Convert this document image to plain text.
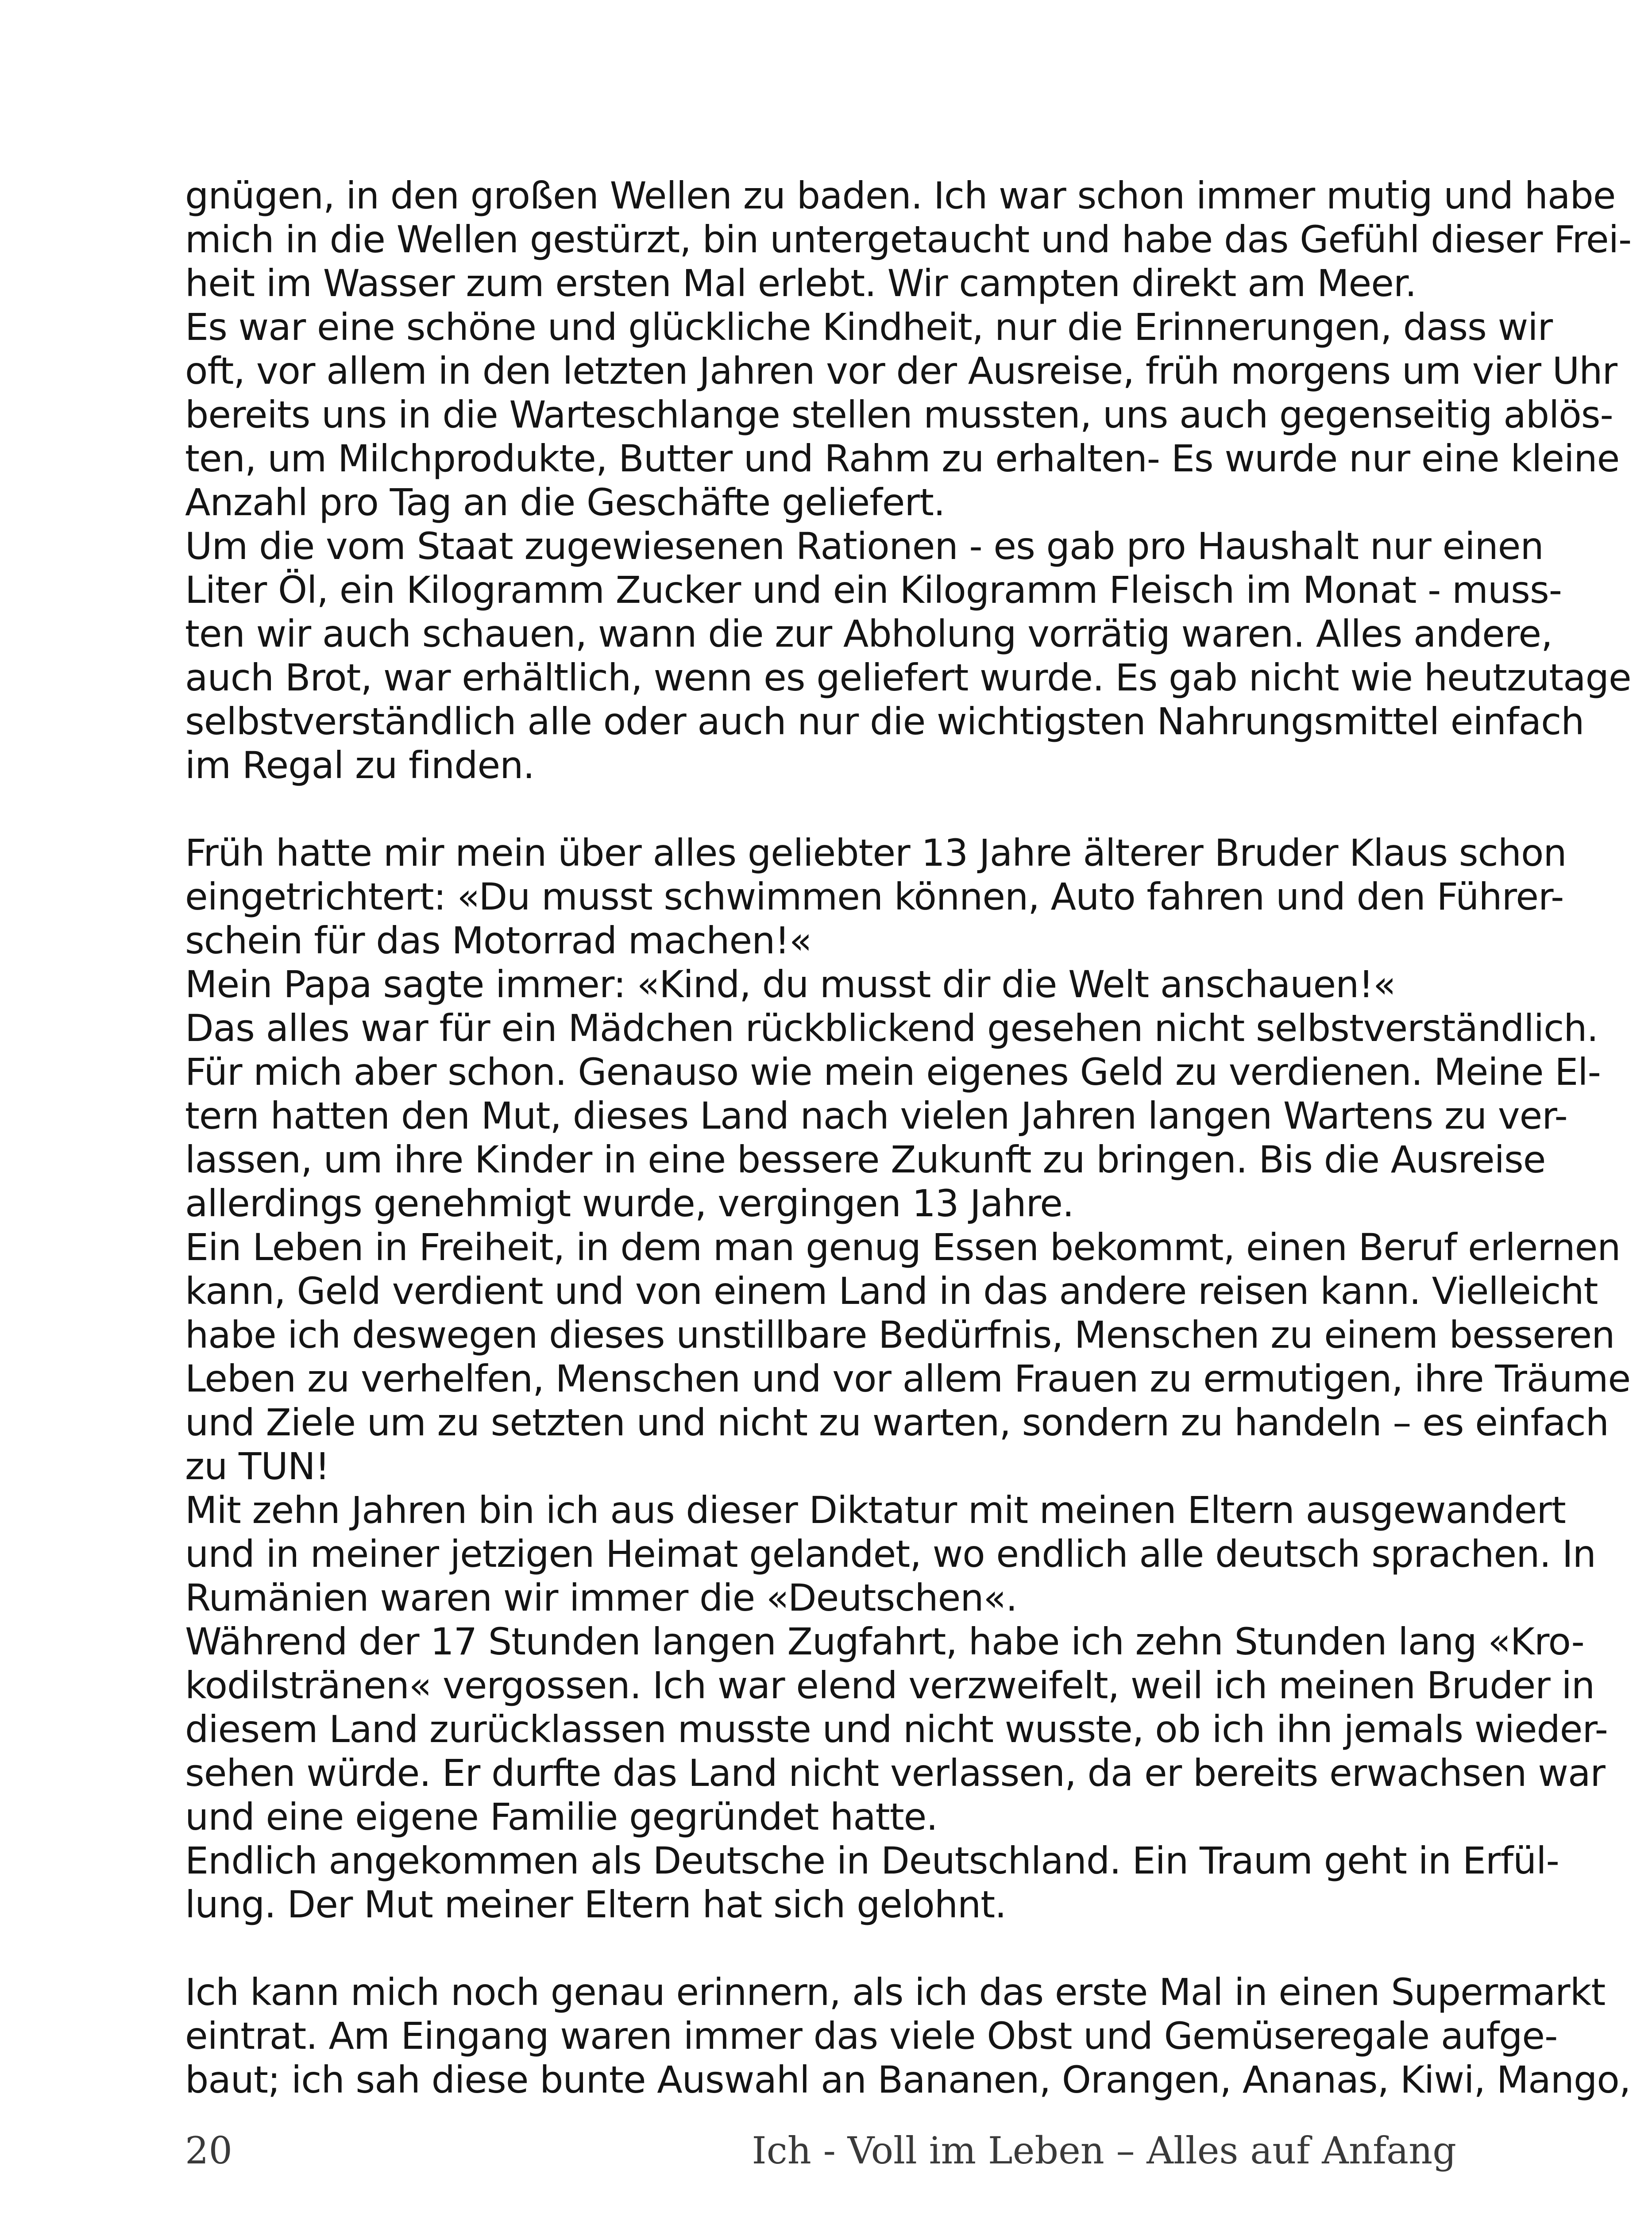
gnügen, in den großen Wellen zu baden. Ich war schon immer mutig und habe
mich in die Wellen gestürzt, bin untergetaucht und habe das Gefühl dieser Frei-
heit im Wasser zum ersten Mal erlebt. Wir campten direkt am Meer.

Es war eine schöne und glückliche Kindheit, nur die Erinnerungen, dass wir
oft, vor allem in den letzten Jahren vor der Ausreise, früh morgens um vier Uhr
bereits uns in die Warteschlange stellen mussten, uns auch gegenseitig ablös-
ten, um Milchprodukte, Butter und Rahm zu erhalten- Es wurde nur eine kleine
Anzahl pro Tag an die Geschäfte geliefert.

Um die vom Staat zugewiesenen Rationen - es gab pro Haushalt nur einen
Liter Öl, ein Kilogramm Zucker und ein Kilogramm Fleisch im Monat - muss-
ten wir auch schauen, wann die zur Abholung vorrätig waren. Alles andere,
auch Brot, war erhältlich, wenn es geliefert wurde. Es gab nicht wie heutzutage
selbstverständlich alle oder auch nur die wichtigsten Nahrungsmittel einfach
im Regal zu finden.

Früh hatte mir mein über alles geliebter 13 Jahre älterer Bruder Klaus schon
eingetrichtert: «Du musst schwimmen können, Auto fahren und den Führer-
schein für das Motorrad machen!«

Mein Papa sagte immer: «Kind, du musst dir die Welt anschauen!«

Das alles war für ein Mädchen rückblickend gesehen nicht selbstverständlich.
Für mich aber schon. Genauso wie mein eigenes Geld zu verdienen. Meine El-
tern hatten den Mut, dieses Land nach vielen Jahren langen Wartens zu ver-
lassen, um ihre Kinder in eine bessere Zukunft zu bringen. Bis die Ausreise
allerdings genehmigt wurde, vergingen 13 Jahre.

Ein Leben in Freiheit, in dem man genug Essen bekommt, einen Beruf erlernen
kann, Geld verdient und von einem Land in das andere reisen kann. Vielleicht
habe ich deswegen dieses unstillbare Bedürfnis, Menschen zu einem besseren
Leben zu verhelfen, Menschen und vor allem Frauen zu ermutigen, ihre Träume
und Ziele um zu setzten und nicht zu warten, sondern zu handeln – es einfach
zu TUN!

Mit zehn Jahren bin ich aus dieser Diktatur mit meinen Eltern ausgewandert
und in meiner jetzigen Heimat gelandet, wo endlich alle deutsch sprachen. In
Rumänien waren wir immer die «Deutschen«.

Während der 17 Stunden langen Zugfahrt, habe ich zehn Stunden lang «Kro-
kodilstränen« vergossen. Ich war elend verzweifelt, weil ich meinen Bruder in
diesem Land zurücklassen musste und nicht wusste, ob ich ihn jemals wieder-
sehen würde. Er durfte das Land nicht verlassen, da er bereits erwachsen war
und eine eigene Familie gegründet hatte.

Endlich angekommen als Deutsche in Deutschland. Ein Traum geht in Erfül-
lung. Der Mut meiner Eltern hat sich gelohnt.

Ich kann mich noch genau erinnern, als ich das erste Mal in einen Supermarkt
eintrat. Am Eingang waren immer das viele Obst und Gemüseregale aufge-
baut; ich sah diese bunte Auswahl an Bananen, Orangen, Ananas, Kiwi, Mango,

20	Ich - Voll im Leben – Alles auf Anfang
